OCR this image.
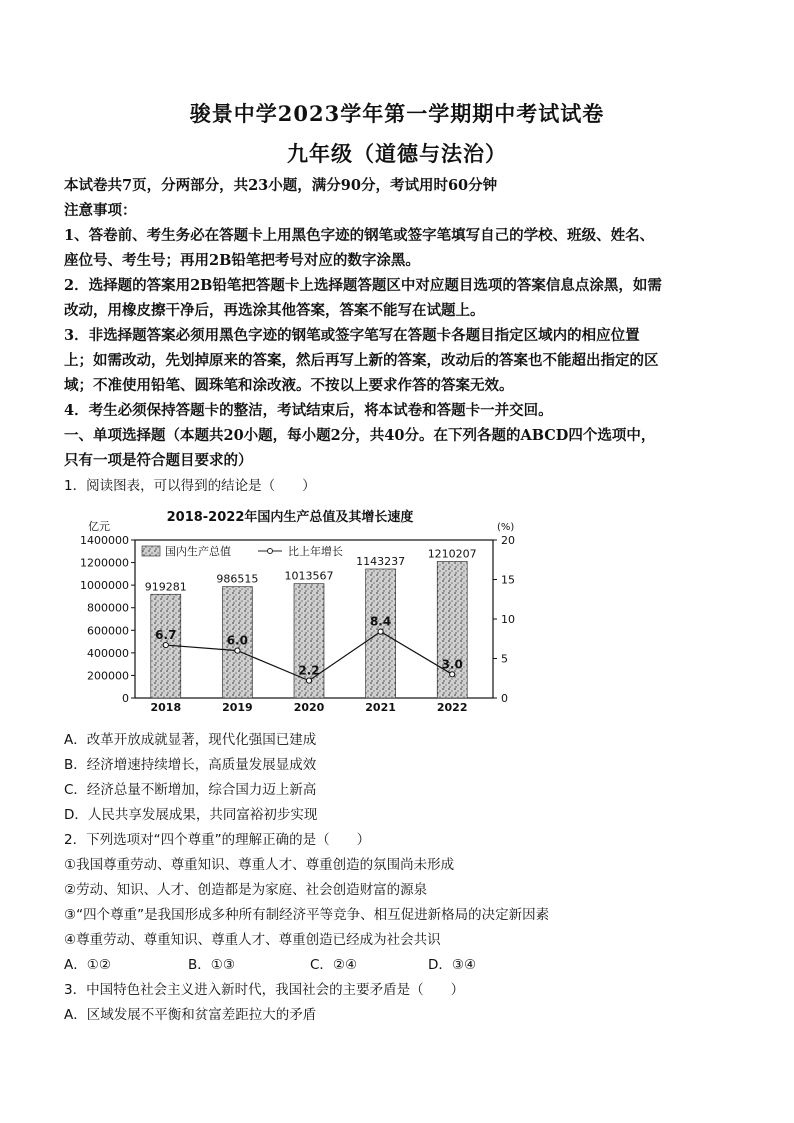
骏景中学2023学年第一学期期中考试试卷
九年级（道德与法治）
本试卷共7页，分两部分，共23小题，满分90分，考试用时60分钟
注意事项：
1、答卷前、考生务必在答题卡上用黑色字迹的钢笔或签字笔填写自己的学校、班级、姓名、
座位号、考生号；再用2B铅笔把考号对应的数字涂黑。
2．选择题的答案用2B铅笔把答题卡上选择题答题区中对应题目选项的答案信息点涂黑，如需
改动，用橡皮擦干净后，再选涂其他答案，答案不能写在试题上。
3．非选择题答案必须用黑色字迹的钢笔或签字笔写在答题卡各题目指定区域内的相应位置
上；如需改动，先划掉原来的答案，然后再写上新的答案，改动后的答案也不能超出指定的区
域；不准使用铅笔、圆珠笔和涂改液。不按以上要求作答的答案无效。
4．考生必须保持答题卡的整洁，考试结束后，将本试卷和答题卡一并交回。
一、单项选择题（本题共20小题，每小题2分，共40分。在下列各题的ABCD四个选项中，
只有一项是符合题目要求的）
1．阅读图表，可以得到的结论是（　　）
2018-2022年国内生产总值及其增长速度
亿元	(%)
0
200000
400000
600000
800000
1000000
1200000
1400000
0
5
10
15
20
919281
986515 1013567
1143237
1210207
6.7	6.0
2.2
8.4
3.0
2018	2019	2020	2021	2022
国内生产总值	比上年增长
A．改革开放成就显著，现代化强国已建成
B．经济增速持续增长，高质量发展显成效
C．经济总量不断增加，综合国力迈上新高
D．人民共享发展成果，共同富裕初步实现
2．下列选项对“四个尊重”的理解正确的是（　　）
①我国尊重劳动、尊重知识、尊重人才、尊重创造的氛围尚未形成
②劳动、知识、人才、创造都是为家庭、社会创造财富的源泉
③“四个尊重”是我国形成多种所有制经济平等竞争、相互促进新格局的决定新因素
④尊重劳动、尊重知识、尊重人才、尊重创造已经成为社会共识
A．①②	B．①③	C．②④	D．③④
3．中国特色社会主义进入新时代，我国社会的主要矛盾是（　　）
A．区域发展不平衡和贫富差距拉大的矛盾
